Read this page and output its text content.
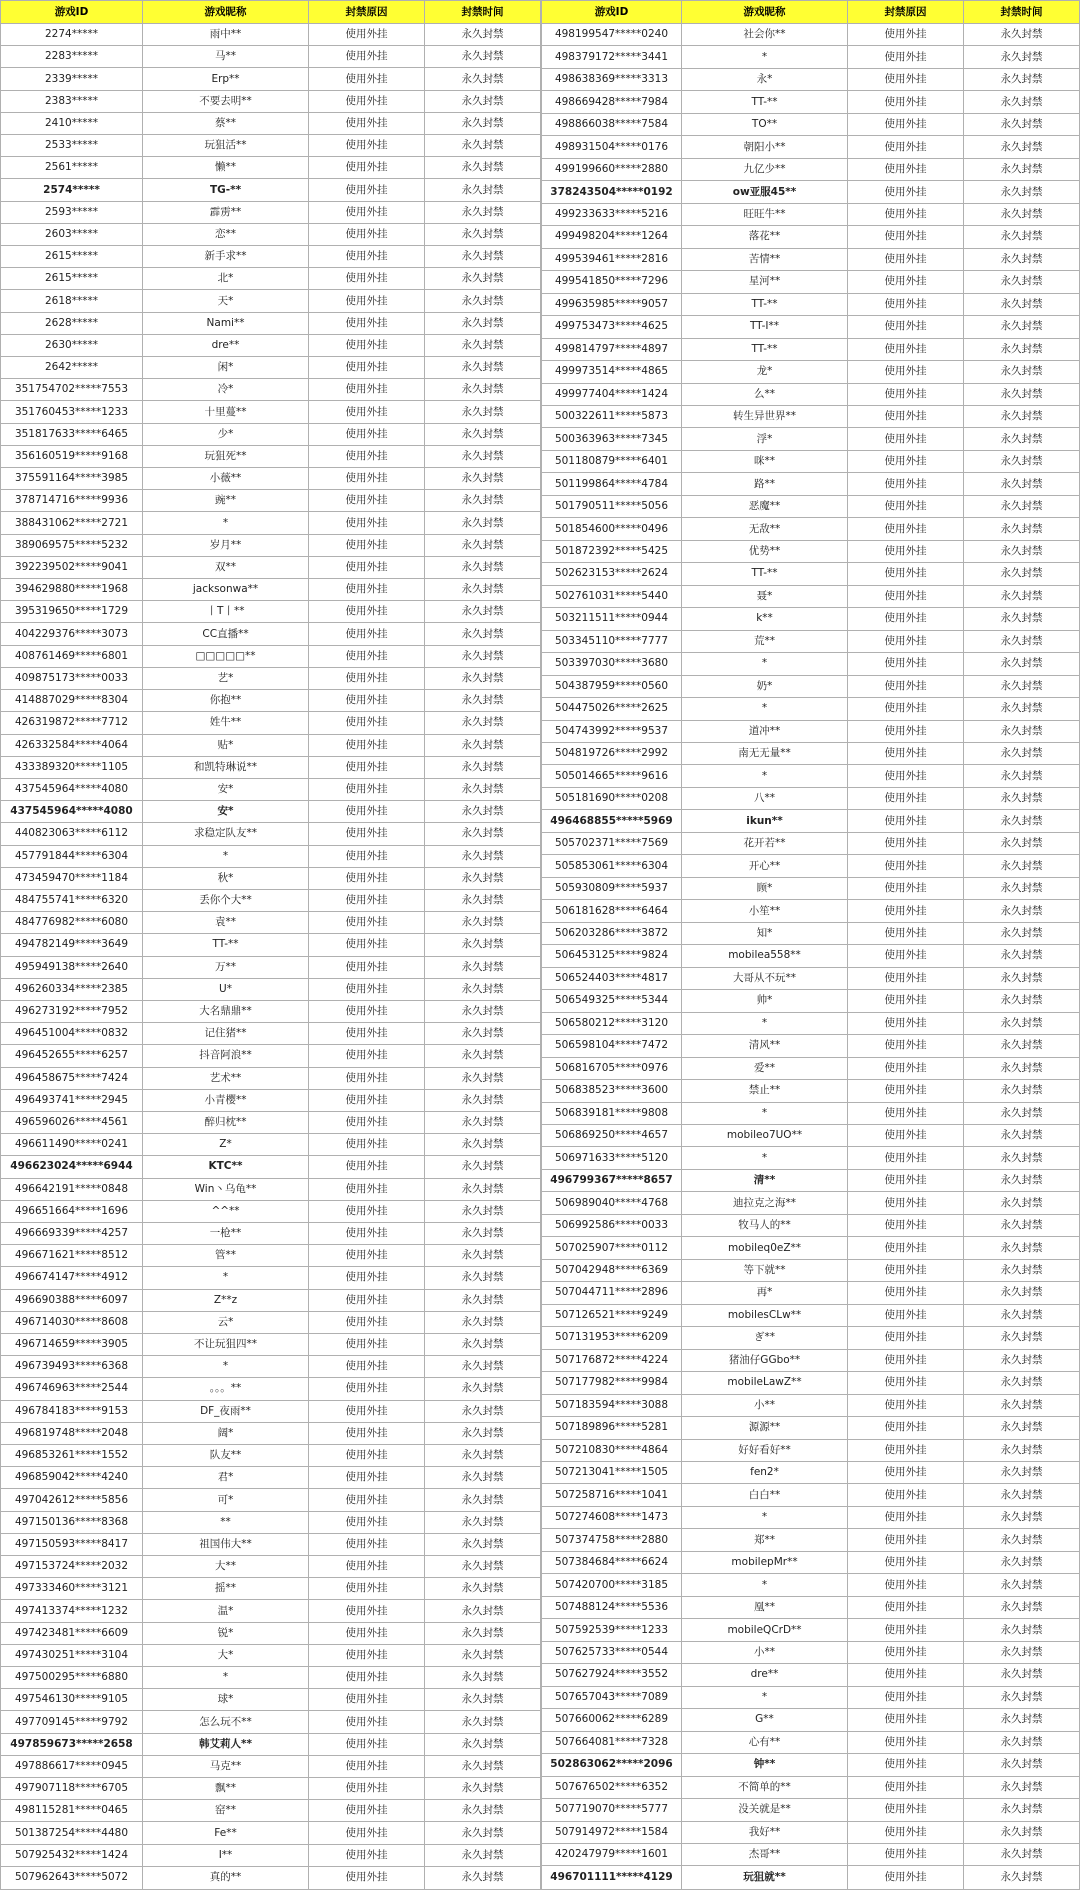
游戏ID	游戏昵称	封禁原因	封禁时间
2274*****	雨中**	使用外挂	永久封禁
2283*****	马**	使用外挂	永久封禁
2339*****	Erp**	使用外挂	永久封禁
2383*****	不要去明**	使用外挂	永久封禁
2410*****	蔡**	使用外挂	永久封禁
2533*****	玩狙活**	使用外挂	永久封禁
2561*****	懒**	使用外挂	永久封禁
2574*****	TG-**	使用外挂	永久封禁
2593*****	霹雳**	使用外挂	永久封禁
2603*****	恋**	使用外挂	永久封禁
2615*****	新手求**	使用外挂	永久封禁
2615*****	北*	使用外挂	永久封禁
2618*****	天*	使用外挂	永久封禁
2628*****	Nami**	使用外挂	永久封禁
2630*****	dre**	使用外挂	永久封禁
2642*****	闲*	使用外挂	永久封禁
351754702*****7553	冷*	使用外挂	永久封禁
351760453*****1233	十里蔓**	使用外挂	永久封禁
351817633*****6465	少*	使用外挂	永久封禁
356160519*****9168	玩狙死**	使用外挂	永久封禁
375591164*****3985	小薇**	使用外挂	永久封禁
378714716*****9936	豌**	使用外挂	永久封禁
388431062*****2721	*	使用外挂	永久封禁
389069575*****5232	岁月**	使用外挂	永久封禁
392239502*****9041	双**	使用外挂	永久封禁
394629880*****1968	jacksonwa**	使用外挂	永久封禁
395319650*****1729	丨T丨**	使用外挂	永久封禁
404229376*****3073	CC直播**	使用外挂	永久封禁
408761469*****6801	□□□□□**	使用外挂	永久封禁
409875173*****0033	艺*	使用外挂	永久封禁
414887029*****8304	你抱**	使用外挂	永久封禁
426319872*****7712	姓牛**	使用外挂	永久封禁
426332584*****4064	贴*	使用外挂	永久封禁
433389320*****1105	和凯特琳说**	使用外挂	永久封禁
437545964*****4080	安*	使用外挂	永久封禁
437545964*****4080	安*	使用外挂	永久封禁
440823063*****6112	求稳定队友**	使用外挂	永久封禁
457791844*****6304	*	使用外挂	永久封禁
473459470*****1184	秋*	使用外挂	永久封禁
484755741*****6320	丢你个大**	使用外挂	永久封禁
484776982*****6080	袁**	使用外挂	永久封禁
494782149*****3649	TT-**	使用外挂	永久封禁
495949138*****2640	万**	使用外挂	永久封禁
496260334*****2385	U*	使用外挂	永久封禁
496273192*****7952	大名鼎鼎**	使用外挂	永久封禁
496451004*****0832	记住猪**	使用外挂	永久封禁
496452655*****6257	抖音阿浪**	使用外挂	永久封禁
496458675*****7424	艺术**	使用外挂	永久封禁
496493741*****2945	小青樱**	使用外挂	永久封禁
496596026*****4561	醉归枕**	使用外挂	永久封禁
496611490*****0241	Z*	使用外挂	永久封禁
496623024*****6944	KTC**	使用外挂	永久封禁
496642191*****0848	Win丶乌龟**	使用外挂	永久封禁
496651664*****1696	^^**	使用外挂	永久封禁
496669339*****4257	一枪**	使用外挂	永久封禁
496671621*****8512	管**	使用外挂	永久封禁
496674147*****4912	*	使用外挂	永久封禁
496690388*****6097	Z**z	使用外挂	永久封禁
496714030*****8608	云*	使用外挂	永久封禁
496714659*****3905	不让玩狙四**	使用外挂	永久封禁
496739493*****6368	*	使用外挂	永久封禁
496746963*****2544	。。。**	使用外挂	永久封禁
496784183*****9153	DF_夜雨**	使用外挂	永久封禁
496819748*****2048	阔*	使用外挂	永久封禁
496853261*****1552	队友**	使用外挂	永久封禁
496859042*****4240	君*	使用外挂	永久封禁
497042612*****5856	可*	使用外挂	永久封禁
497150136*****8368	**	使用外挂	永久封禁
497150593*****8417	祖国伟大**	使用外挂	永久封禁
497153724*****2032	大**	使用外挂	永久封禁
497333460*****3121	摇**	使用外挂	永久封禁
497413374*****1232	温*	使用外挂	永久封禁
497423481*****6609	锐*	使用外挂	永久封禁
497430251*****3104	大*	使用外挂	永久封禁
497500295*****6880	*	使用外挂	永久封禁
497546130*****9105	球*	使用外挂	永久封禁
497709145*****9792	怎么玩不**	使用外挂	永久封禁
497859673*****2658	韩艾莉人**	使用外挂	永久封禁
497886617*****0945	马克**	使用外挂	永久封禁
497907118*****6705	飘**	使用外挂	永久封禁
498115281*****0465	窑**	使用外挂	永久封禁
501387254*****4480	Fe**	使用外挂	永久封禁
507925432*****1424	I**	使用外挂	永久封禁
507962643*****5072	真的**	使用外挂	永久封禁
游戏ID	游戏昵称	封禁原因	封禁时间
498199547*****0240	社会你**	使用外挂	永久封禁
498379172*****3441	*	使用外挂	永久封禁
498638369*****3313	永*	使用外挂	永久封禁
498669428*****7984	TT-**	使用外挂	永久封禁
498866038*****7584	TO**	使用外挂	永久封禁
498931504*****0176	朝阳小**	使用外挂	永久封禁
499199660*****2880	九亿少**	使用外挂	永久封禁
378243504*****0192	ow亚服45**	使用外挂	永久封禁
499233633*****5216	旺旺牛**	使用外挂	永久封禁
499498204*****1264	落花**	使用外挂	永久封禁
499539461*****2816	苦情**	使用外挂	永久封禁
499541850*****7296	星河**	使用外挂	永久封禁
499635985*****9057	TT-**	使用外挂	永久封禁
499753473*****4625	TT-I**	使用外挂	永久封禁
499814797*****4897	TT-**	使用外挂	永久封禁
499973514*****4865	龙*	使用外挂	永久封禁
499977404*****1424	么**	使用外挂	永久封禁
500322611*****5873	转生异世界**	使用外挂	永久封禁
500363963*****7345	浮*	使用外挂	永久封禁
501180879*****6401	咪**	使用外挂	永久封禁
501199864*****4784	路**	使用外挂	永久封禁
501790511*****5056	恶魔**	使用外挂	永久封禁
501854600*****0496	无敌**	使用外挂	永久封禁
501872392*****5425	优势**	使用外挂	永久封禁
502623153*****2624	TT-**	使用外挂	永久封禁
502761031*****5440	聂*	使用外挂	永久封禁
503211511*****0944	k**	使用外挂	永久封禁
503345110*****7777	荒**	使用外挂	永久封禁
503397030*****3680	*	使用外挂	永久封禁
504387959*****0560	奶*	使用外挂	永久封禁
504475026*****2625	*	使用外挂	永久封禁
504743992*****9537	道冲**	使用外挂	永久封禁
504819726*****2992	南无无量**	使用外挂	永久封禁
505014665*****9616	*	使用外挂	永久封禁
505181690*****0208	八**	使用外挂	永久封禁
496468855*****5969	ikun**	使用外挂	永久封禁
505702371*****7569	花开若**	使用外挂	永久封禁
505853061*****6304	开心**	使用外挂	永久封禁
505930809*****5937	顾*	使用外挂	永久封禁
506181628*****6464	小笙**	使用外挂	永久封禁
506203286*****3872	知*	使用外挂	永久封禁
506453125*****9824	mobilea558**	使用外挂	永久封禁
506524403*****4817	大哥从不玩**	使用外挂	永久封禁
506549325*****5344	帅*	使用外挂	永久封禁
506580212*****3120	*	使用外挂	永久封禁
506598104*****7472	清风**	使用外挂	永久封禁
506816705*****0976	爱**	使用外挂	永久封禁
506838523*****3600	禁止**	使用外挂	永久封禁
506839181*****9808	*	使用外挂	永久封禁
506869250*****4657	mobileo7UO**	使用外挂	永久封禁
506971633*****5120	*	使用外挂	永久封禁
496799367*****8657	清**	使用外挂	永久封禁
506989040*****4768	迪拉克之海**	使用外挂	永久封禁
506992586*****0033	牧马人的**	使用外挂	永久封禁
507025907*****0112	mobileq0eZ**	使用外挂	永久封禁
507042948*****6369	等下就**	使用外挂	永久封禁
507044711*****2896	再*	使用外挂	永久封禁
507126521*****9249	mobilesCLw**	使用外挂	永久封禁
507131953*****6209	ぎ**	使用外挂	永久封禁
507176872*****4224	猪油仔GGbo**	使用外挂	永久封禁
507177982*****9984	mobileLawZ**	使用外挂	永久封禁
507183594*****3088	小**	使用外挂	永久封禁
507189896*****5281	源源**	使用外挂	永久封禁
507210830*****4864	好好看好**	使用外挂	永久封禁
507213041*****1505	fen2*	使用外挂	永久封禁
507258716*****1041	白白**	使用外挂	永久封禁
507274608*****1473	*	使用外挂	永久封禁
507374758*****2880	郑**	使用外挂	永久封禁
507384684*****6624	mobilepMr**	使用外挂	永久封禁
507420700*****3185	*	使用外挂	永久封禁
507488124*****5536	凰**	使用外挂	永久封禁
507592539*****1233	mobileQCrD**	使用外挂	永久封禁
507625733*****0544	小**	使用外挂	永久封禁
507627924*****3552	dre**	使用外挂	永久封禁
507657043*****7089	*	使用外挂	永久封禁
507660062*****6289	G**	使用外挂	永久封禁
507664081*****7328	心有**	使用外挂	永久封禁
502863062*****2096	钟**	使用外挂	永久封禁
507676502*****6352	不简单的**	使用外挂	永久封禁
507719070*****5777	没关就是**	使用外挂	永久封禁
507914972*****1584	我好**	使用外挂	永久封禁
420247979*****1601	杰哥**	使用外挂	永久封禁
496701111*****4129	玩狙就**	使用外挂	永久封禁
